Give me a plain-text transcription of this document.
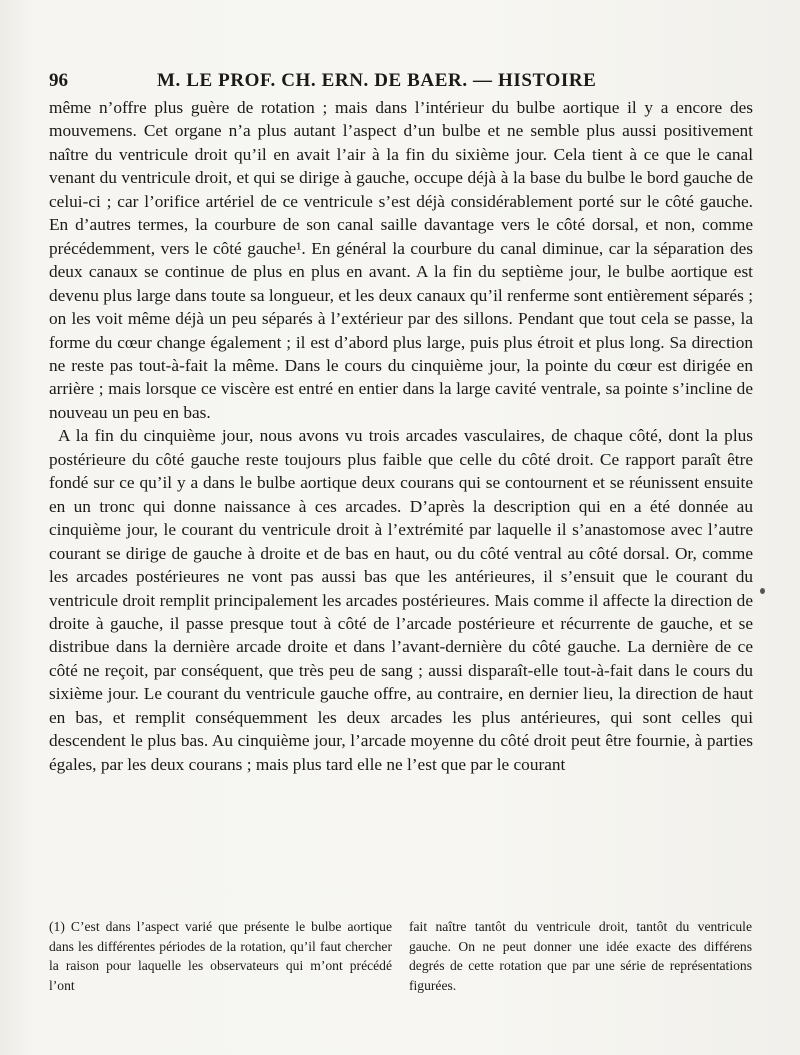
96	M. LE PROF. CH. ERN. DE BAER. — HISTOIRE

même n’offre plus guère de rotation ; mais dans l’intérieur du bulbe aortique il y a encore des mouvemens. Cet organe n’a plus autant l’aspect d’un bulbe et ne semble plus aussi positivement naître du ventricule droit qu’il en avait l’air à la fin du sixième jour. Cela tient à ce que le canal venant du ventricule droit, et qui se dirige à gauche, occupe déjà à la base du bulbe le bord gauche de celui-ci ; car l’orifice artériel de ce ventricule s’est déjà considérablement porté sur le côté gauche. En d’autres termes, la courbure de son canal saille davantage vers le côté dorsal, et non, comme précédemment, vers le côté gauche¹. En général la courbure du canal diminue, car la séparation des deux canaux se continue de plus en plus en avant. A la fin du septième jour, le bulbe aortique est devenu plus large dans toute sa longueur, et les deux canaux qu’il renferme sont entièrement séparés ; on les voit même déjà un peu séparés à l’extérieur par des sillons. Pendant que tout cela se passe, la forme du cœur change également ; il est d’abord plus large, puis plus étroit et plus long. Sa direction ne reste pas tout-à-fait la même. Dans le cours du cinquième jour, la pointe du cœur est dirigée en arrière ; mais lorsque ce viscère est entré en entier dans la large cavité ventrale, sa pointe s’incline de nouveau un peu en bas.

A la fin du cinquième jour, nous avons vu trois arcades vasculaires, de chaque côté, dont la plus postérieure du côté gauche reste toujours plus faible que celle du côté droit. Ce rapport paraît être fondé sur ce qu’il y a dans le bulbe aortique deux courans qui se contournent et se réunissent ensuite en un tronc qui donne naissance à ces arcades. D’après la description qui en a été donnée au cinquième jour, le courant du ventricule droit à l’extrémité par laquelle il s’anastomose avec l’autre courant se dirige de gauche à droite et de bas en haut, ou du côté ventral au côté dorsal. Or, comme les arcades postérieures ne vont pas aussi bas que les antérieures, il s’ensuit que le courant du ventricule droit remplit principalement les arcades postérieures. Mais comme il affecte la direction de droite à gauche, il passe presque tout à côté de l’arcade postérieure et récurrente de gauche, et se distribue dans la dernière arcade droite et dans l’avant-dernière du côté gauche. La dernière de ce côté ne reçoit, par conséquent, que très peu de sang ; aussi disparaît-elle tout-à-fait dans le cours du sixième jour. Le courant du ventricule gauche offre, au contraire, en dernier lieu, la direction de haut en bas, et remplit conséquemment les deux arcades les plus antérieures, qui sont celles qui descendent le plus bas. Au cinquième jour, l’arcade moyenne du côté droit peut être fournie, à parties égales, par les deux courans ; mais plus tard elle ne l’est que par le courant

(1) C’est dans l’aspect varié que présente le bulbe aortique dans les différentes périodes de la rotation, qu’il faut chercher la raison pour laquelle les observateurs qui m’ont précédé l’ont
fait naître tantôt du ventricule droit, tantôt du ventricule gauche. On ne peut donner une idée exacte des différens degrés de cette rotation que par une série de représentations figurées.
